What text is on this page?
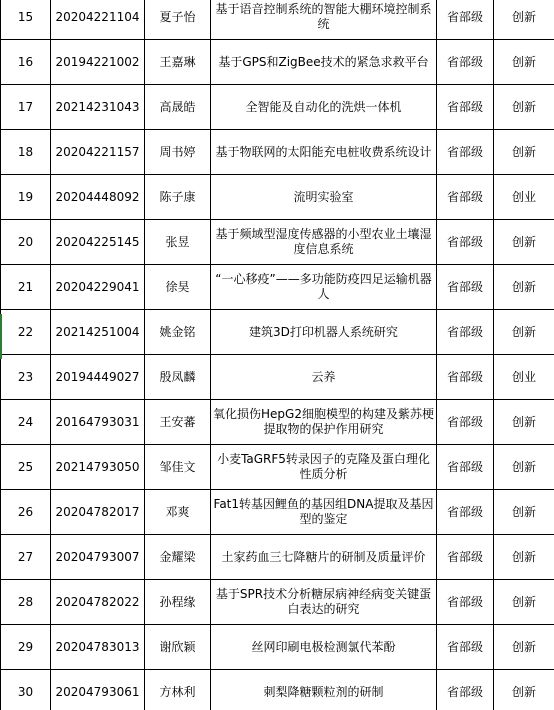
15	20204221104	夏子怡	基于语音控制系统的智能大棚环境控制系统	省部级	创新
16	20194221002	王嘉琳	基于GPS和ZigBee技术的紧急求救平台	省部级	创新
17	20214231043	高晟皓	全智能及自动化的洗烘一体机	省部级	创新
18	20204221157	周书婷	基于物联网的太阳能充电桩收费系统设计	省部级	创新
19	20204448092	陈子康	流明实验室	省部级	创业
20	20204225145	张昱	基于频域型湿度传感器的小型农业土壤湿度信息系统	省部级	创新
21	20204229041	徐昊	“一心移疫”——多功能防疫四足运输机器人	省部级	创新
22	20214251004	姚金铭	建筑3D打印机器人系统研究	省部级	创新
23	20194449027	殷凤麟	云养	省部级	创业
24	20164793031	王安蕃	氧化损伤HepG2细胞模型的构建及紫苏梗提取物的保护作用研究	省部级	创新
25	20214793050	邹佳文	小麦TaGRF5转录因子的克隆及蛋白理化性质分析	省部级	创新
26	20204782017	邓爽	Fat1转基因鲤鱼的基因组DNA提取及基因型的鉴定	省部级	创新
27	20204793007	金耀梁	土家药血三七降糖片的研制及质量评价	省部级	创新
28	20204782022	孙程缘	基于SPR技术分析糖尿病神经病变关键蛋白表达的研究	省部级	创新
29	20204783013	谢欣颖	丝网印刷电极检测氯代苯酚	省部级	创新
30	20204793061	方林利	刺梨降糖颗粒剂的研制	省部级	创新
